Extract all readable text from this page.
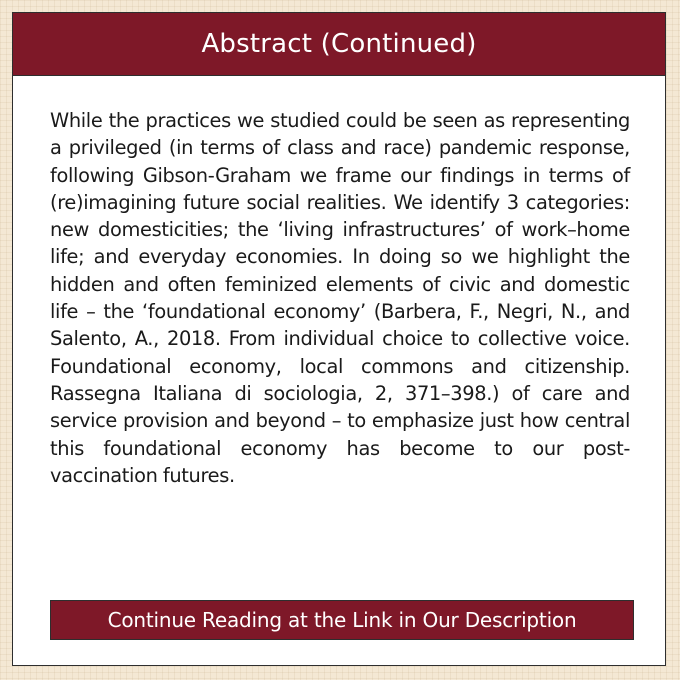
Abstract (Continued)

While the practices we studied could be seen as representing a privileged (in terms of class and race) pandemic response, following Gibson-Graham we frame our findings in terms of (re)imagining future social realities. We identify 3 categories: new domesticities; the ‘living infrastructures’ of work–home life; and everyday economies. In doing so we highlight the hidden and often feminized elements of civic and domestic life – the ‘foundational economy’ (Barbera, F., Negri, N., and Salento, A., 2018. From individual choice to collective voice. Foundational economy, local commons and citizenship. Rassegna Italiana di sociologia, 2, 371–398.) of care and service provision and beyond – to emphasize just how central this foundational economy has become to our post-vaccination futures.

Continue Reading at the Link in Our Description
